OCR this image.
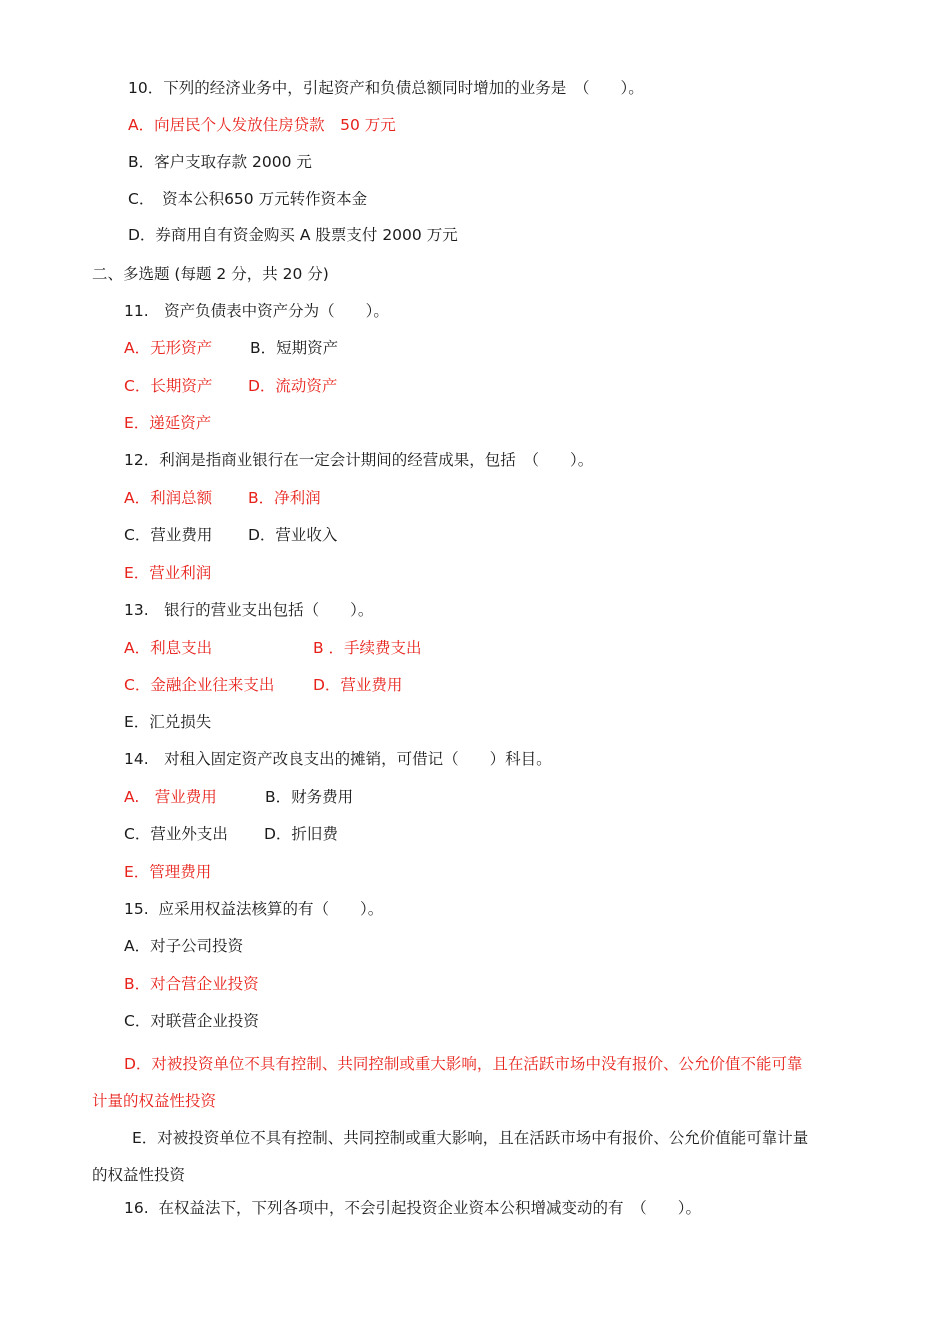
10．下列的经济业务中，引起资产和负债总额同时增加的业务是　（　　）。
A．向居民个人发放住房贷款　50 万元
B．客户支取存款 2000 元
C．　资本公积650 万元转作资本金
D．券商用自有资金购买 A 股票支付 2000 万元
二、多选题 (每题 2 分，共 20 分)
11.　资产负债表中资产分为（　　）。

A．无形资产

B．短期资产

C．长期资产

D．流动资产

E．递延资产
12．利润是指商业银行在一定会计期间的经营成果，包括　（　　）。

A．利润总额

B．净利润

C．营业费用

D．营业收入

E．营业利润
13.　银行的营业支出包括（　　）。

A．利息支出

	B ．手续费支出

C．金融企业往来支出

D．营业费用

E．汇兑损失
14.　对租入固定资产改良支出的摊销，可借记（　　）科目。

A.　营业费用

	B．财务费用

C．营业外支出

D．折旧费

E．管理费用
15.  应采用权益法核算的有（　　）。
A．对子公司投资
B．对合营企业投资
C．对联营企业投资
D．对被投资单位不具有控制、共同控制或重大影响，且在活跃市场中没有报价、公允价值不能可靠
计量的权益性投资
E．对被投资单位不具有控制、共同控制或重大影响，且在活跃市场中有报价、公允价值能可靠计量
的权益性投资
16.  在权益法下，下列各项中，不会引起投资企业资本公积增减变动的有　（　　）。
